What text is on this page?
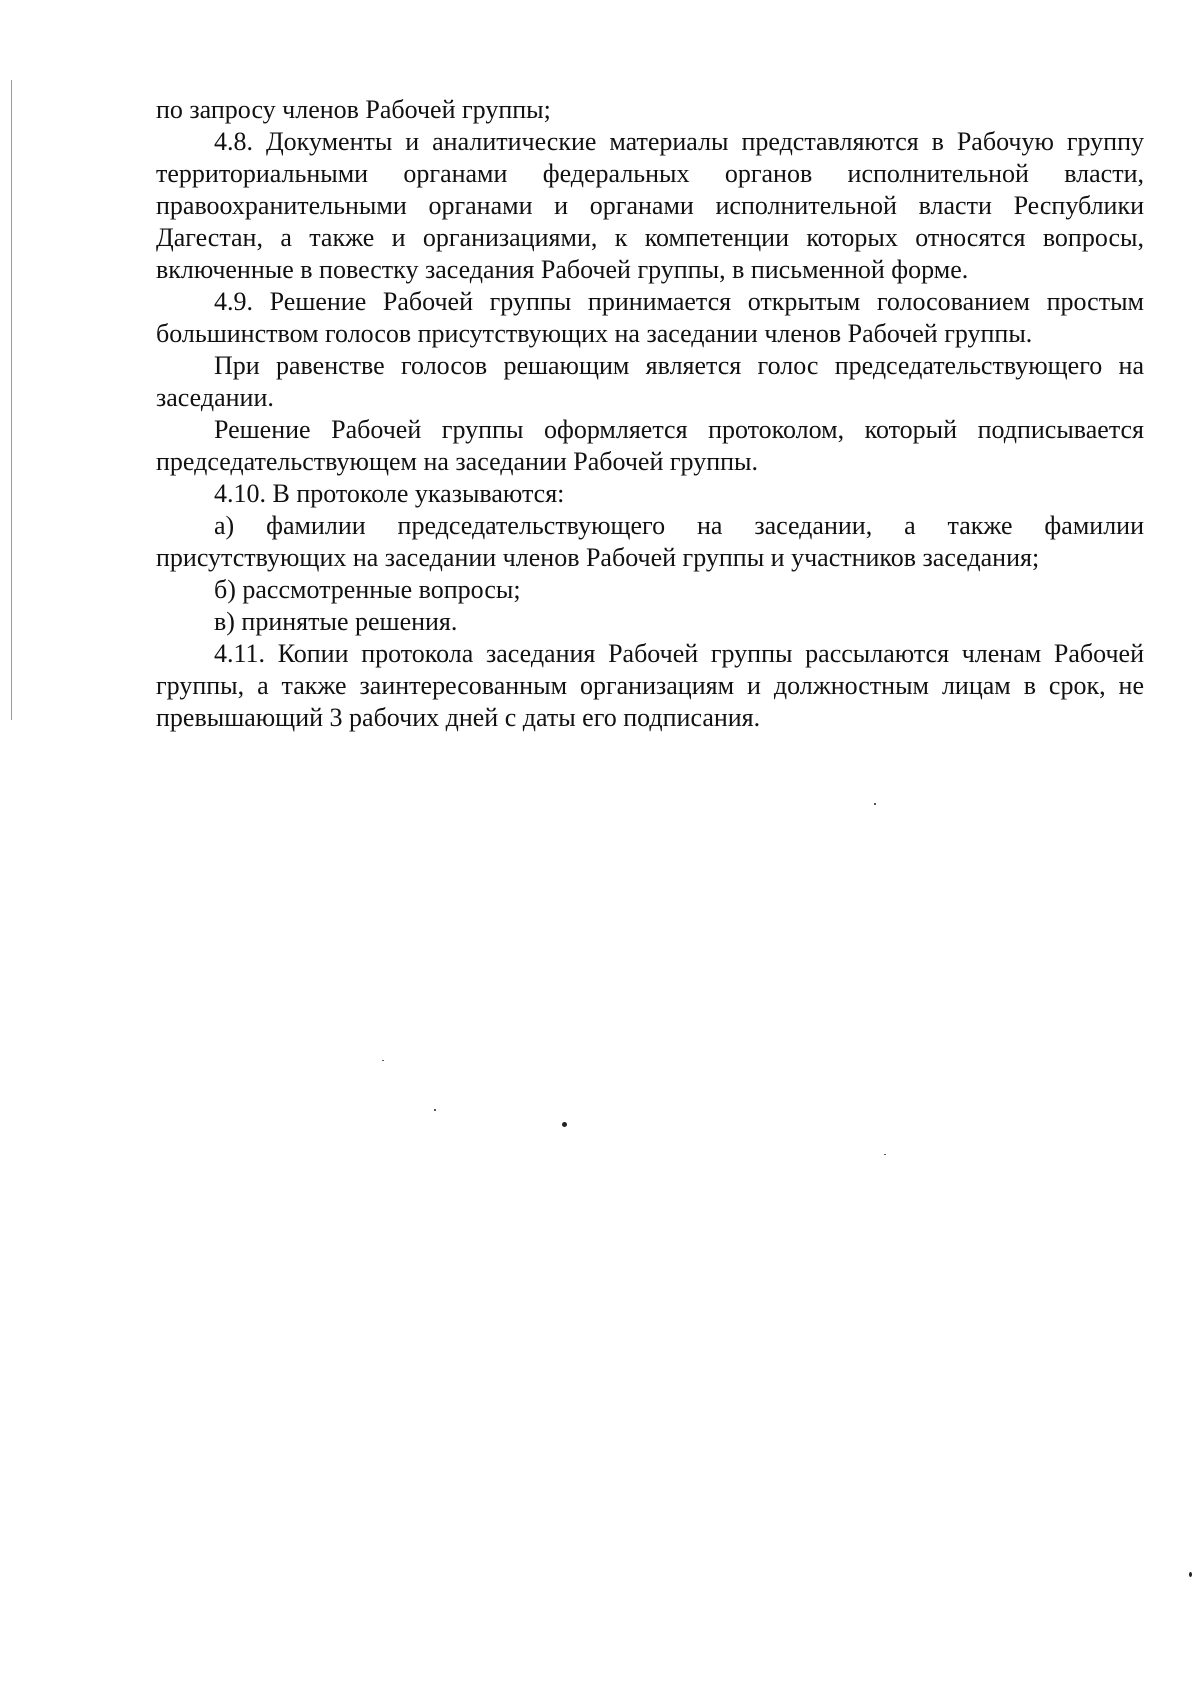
по запросу членов Рабочей группы;

4.8. Документы и аналитические материалы представляются в Рабочую группу территориальными органами федеральных органов исполнительной власти, правоохранительными органами и органами исполнительной власти Республики Дагестан, а также и организациями, к компетенции которых относятся вопросы, включенные в повестку заседания Рабочей группы, в письменной форме.

4.9. Решение Рабочей группы принимается открытым голосованием простым большинством голосов присутствующих на заседании членов Рабочей группы.

При равенстве голосов решающим является голос председательствующего на заседании.

Решение Рабочей группы оформляется протоколом, который подписывается председательствующем на заседании Рабочей группы.

4.10. В протоколе указываются:

а) фамилии председательствующего на заседании, а также фамилии присутствующих на заседании членов Рабочей группы и участников заседания;

б) рассмотренные вопросы;

в) принятые решения.

4.11. Копии протокола заседания Рабочей группы рассылаются членам Рабочей группы, а также заинтересованным организациям и должностным лицам в срок, не превышающий 3 рабочих дней с даты его подписания.
